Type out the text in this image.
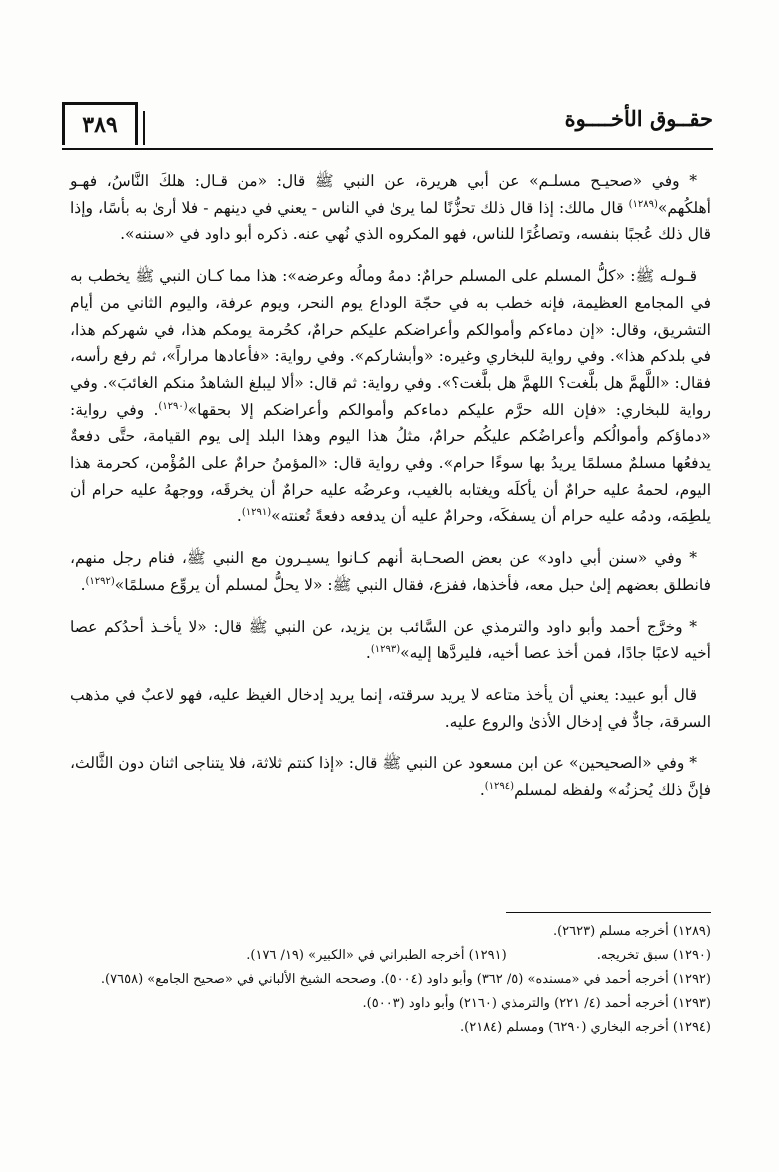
حقــوق الأخــــوة
٣٨٩

* وفي «صحيـح مسلـم» عن أبي هريرة، عن النبي ﷺ قال: «من قـال: هلكَ النَّاسُ، فهـو أهلكُهم»$^{(١٢٨٩)}$ قال مالك: إذا قال ذلك تحزُّنًا لما يرىٰ في الناس - يعني في دينهم - فلا أرىٰ به بأسًا، وإذا قال ذلك عُجبًا بنفسه، وتصاغُرًا للناس، فهو المكروه الذي نُهي عنه. ذكره أبو داود في «سننه».

قـولـه ﷺ: «كلُّ المسلم على المسلم حرامٌ: دمهُ ومالُه وعرضه»: هذا مما كـان النبي ﷺ يخطب به في المجامع العظيمة، فإنه خطب به في حجّة الوداع يوم النحر، ويوم عرفة، واليوم الثاني من أيام التشريق، وقال: «إن دماءكم وأموالكم وأعراضكم عليكم حرامٌ، كحُرمة يومكم هذا، في شهركم هذا، في بلدكم هذا». وفي رواية للبخاري وغيره: «وأبشاركم». وفي رواية: «فأعادها مراراً»، ثم رفع رأسه، فقال: «اللَّهمَّ هل بلَّغت؟ اللهمَّ هل بلَّغت؟». وفي رواية: ثم قال: «ألا ليبلغ الشاهدُ منكم الغائبَ». وفي رواية للبخاري: «فإن الله حرَّم عليكم دماءكم وأموالكم وأعراضكم إلا بحقها»$^{(١٢٩٠)}$. وفي رواية: «دماؤكم وأموالُكم وأعراضُكم عليكُم حرامٌ، مثلُ هذا اليوم وهذا البلد إلى يوم القيامة، حتَّى دفعةٌ يدفعُها مسلمٌ مسلمًا يريدُ بها سوءًا حرام». وفي رواية قال: «المؤمنُ حرامٌ على المُؤْمن، كحرمة هذا اليوم، لحمهُ عليه حرامٌ أن يأكلَه ويغتابه بالغيب، وعرضُه عليه حرامٌ أن يخرقَه، ووجههُ عليه حرام أن يلطِمَه، ودمُه عليه حرام أن يسفكَه، وحرامٌ عليه أن يدفعه دفعةً تُعنته»$^{(١٢٩١)}$.

* وفي «سنن أبي داود» عن بعض الصحـابة أنهم كـانوا يسيـرون مع النبي ﷺ، فنام رجل منهم، فانطلق بعضهم إلىٰ حبل معه، فأخذها، ففزع، فقال النبي ﷺ: «لا يحلُّ لمسلم أن يروِّع مسلمًا»$^{(١٢٩٢)}$.

* وخرَّج أحمد وأبو داود والترمذي عن السَّائب بن يزيد، عن النبي ﷺ قال: «لا يأخـذ أحدُكم عصا أخيه لاعبًا جادًا، فمن أخذ عصا أخيه، فليردَّها إليه»$^{(١٢٩٣)}$.

قال أبو عبيد: يعني أن يأخذ متاعه لا يريد سرقته، إنما يريد إدخال الغيظ عليه، فهو لاعبٌ في مذهب السرقة، جادٌّ في إدخال الأذىٰ والروع عليه.

* وفي «الصحيحين» عن ابن مسعود عن النبي ﷺ قال: «إذا كنتم ثلاثة، فلا يتناجى اثنان دون الثَّالث، فإنَّ ذلك يُحزنُه» ولفظه لمسلم$^{(١٢٩٤)}$.

(١٢٨٩) أخرجه مسلم (٢٦٢٣).

(١٢٩٠) سبق تخريجه.

(١٢٩١) أخرجه الطبراني في «الكبير» (١٩/ ١٧٦).

(١٢٩٢) أخرجه أحمد في «مسنده» (٥/ ٣٦٢) وأبو داود (٥٠٠٤). وصححه الشيخ الألباني في «صحيح الجامع» (٧٦٥٨).

(١٢٩٣) أخرجه أحمد (٤/ ٢٢١) والترمذي (٢١٦٠) وأبو داود (٥٠٠٣).

(١٢٩٤) أخرجه البخاري (٦٢٩٠) ومسلم (٢١٨٤).
